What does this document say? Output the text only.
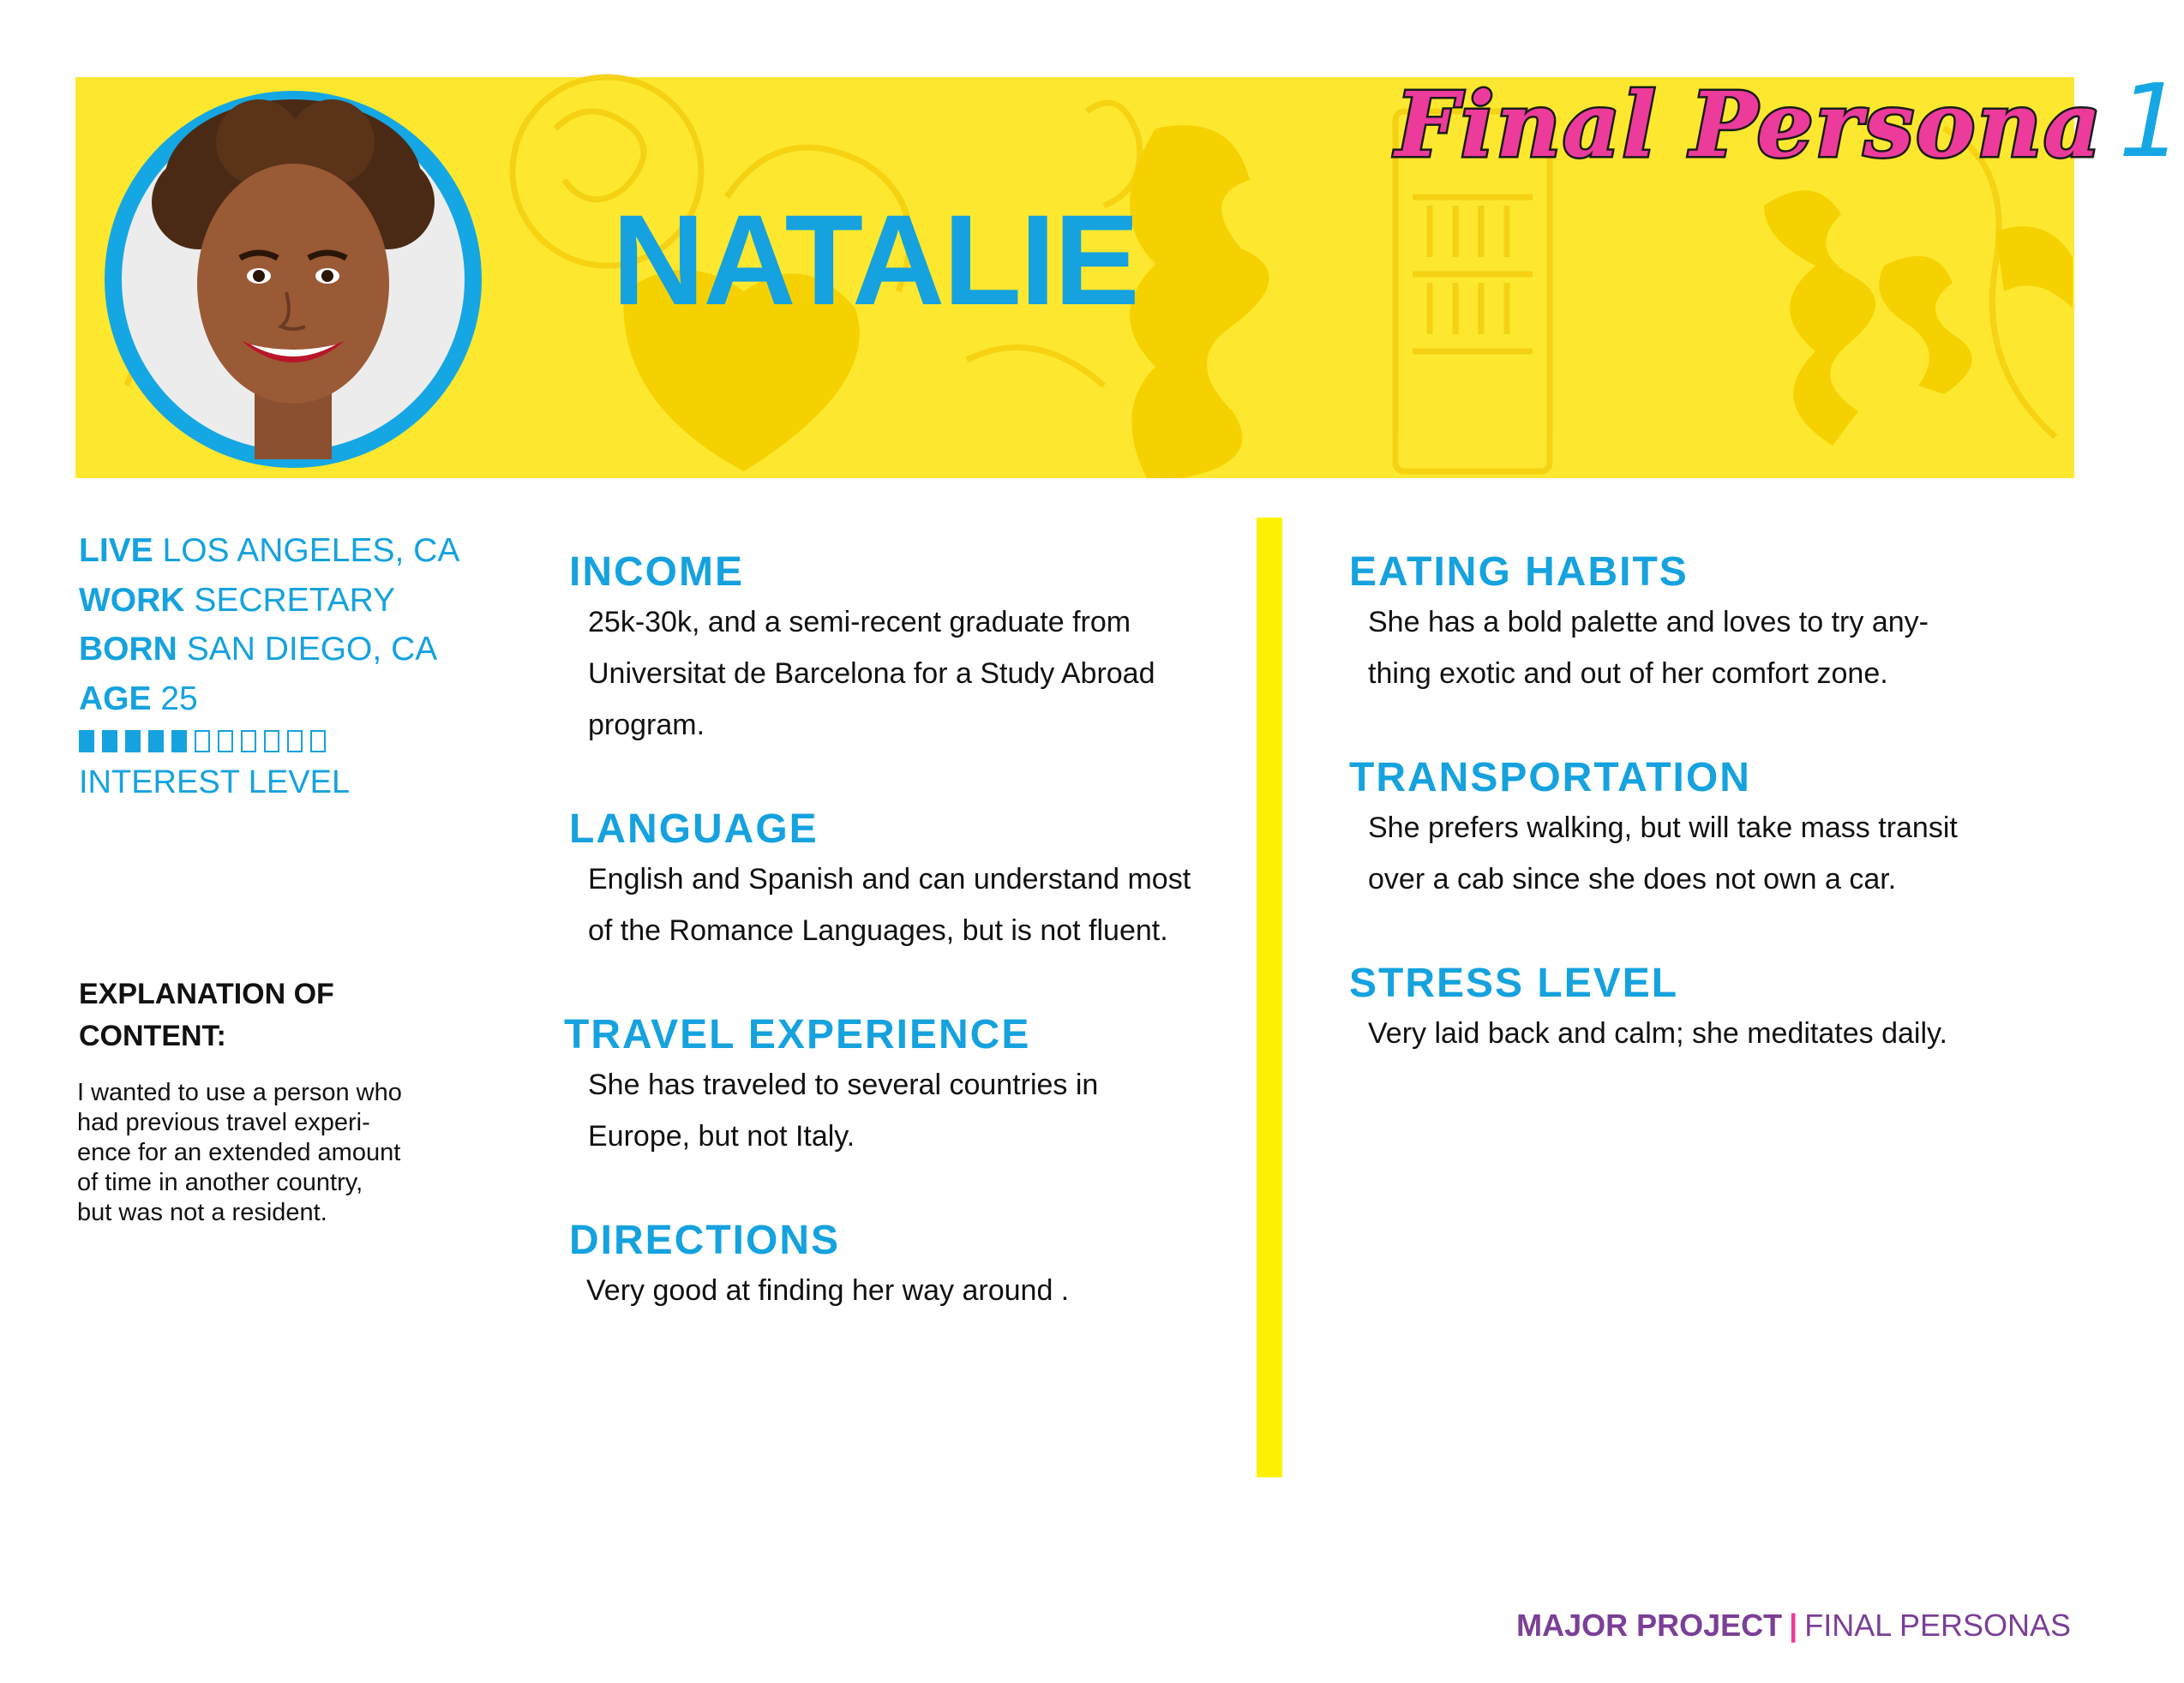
NATALIE
Final Persona 1
LIVE LOS ANGELES, CA
WORK SECRETARY
BORN SAN DIEGO, CA
AGE 25
INTEREST LEVEL
EXPLANATION OF CONTENT:
I wanted to use a person who
had previous travel experi-
ence for an extended amount
of time in another country,
but was not a resident.
INCOME
25k-30k, and a semi-recent graduate from
Universitat de Barcelona for a Study Abroad
program.
LANGUAGE
English and Spanish and can understand most
of the Romance Languages, but is not fluent.
TRAVEL EXPERIENCE
She has traveled to several countries in
Europe, but not Italy.
DIRECTIONS
Very good at finding her way around .
EATING HABITS
She has a bold palette and loves to try any-
thing exotic and out of her comfort zone.
TRANSPORTATION
She prefers walking, but will take mass transit
over a cab since she does not own a car.
STRESS LEVEL
Very laid back and calm; she meditates daily.
MAJOR PROJECT | FINAL PERSONAS
